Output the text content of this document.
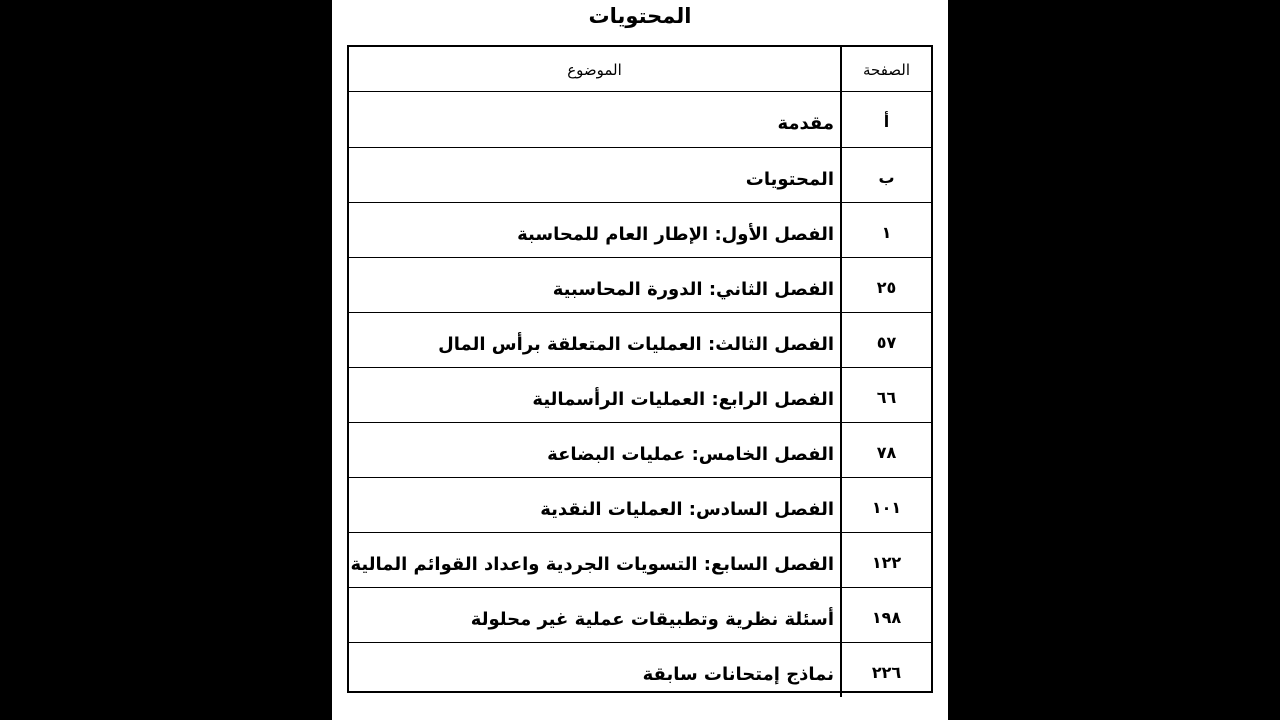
المحتويات
الصفحة
الموضوع
أ
مقدمة
ب
المحتويات
١
الفصل الأول: الإطار العام للمحاسبة
٢٥
الفصل الثاني: الدورة المحاسبية
٥٧
الفصل الثالث: العمليات المتعلقة برأس المال
٦٦
الفصل الرابع: العمليات الرأسمالية
٧٨
الفصل الخامس: عمليات البضاعة
١٠١
الفصل السادس: العمليات النقدية
١٢٢
الفصل السابع: التسويات الجردية واعداد القوائم المالية
١٩٨
أسئلة نظرية وتطبيقات عملية غير محلولة
٢٢٦
نماذج إمتحانات سابقة
